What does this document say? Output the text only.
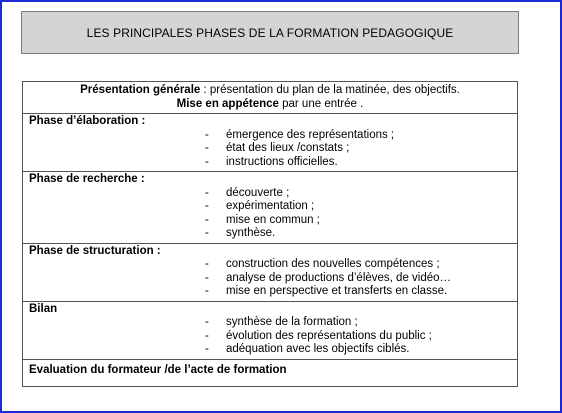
LES PRINCIPALES PHASES DE LA FORMATION PEDAGOGIQUE
Présentation générale : présentation du plan de la matinée, des objectifs.
Mise en appétence par une entrée .
Phase d’élaboration :
- émergence des représentations ;
- état des lieux /constats ;
- instructions officielles.
Phase de recherche :
- découverte ;
- expérimentation ;
- mise en commun ;
- synthèse.
Phase de structuration :
- construction des nouvelles compétences ;
- analyse de productions d’élèves, de vidéo…
- mise en perspective et transferts en classe.
Bilan
- synthèse de la formation ;
- évolution des représentations du public ;
- adéquation avec les objectifs ciblés.
Evaluation du formateur /de l’acte de formation
